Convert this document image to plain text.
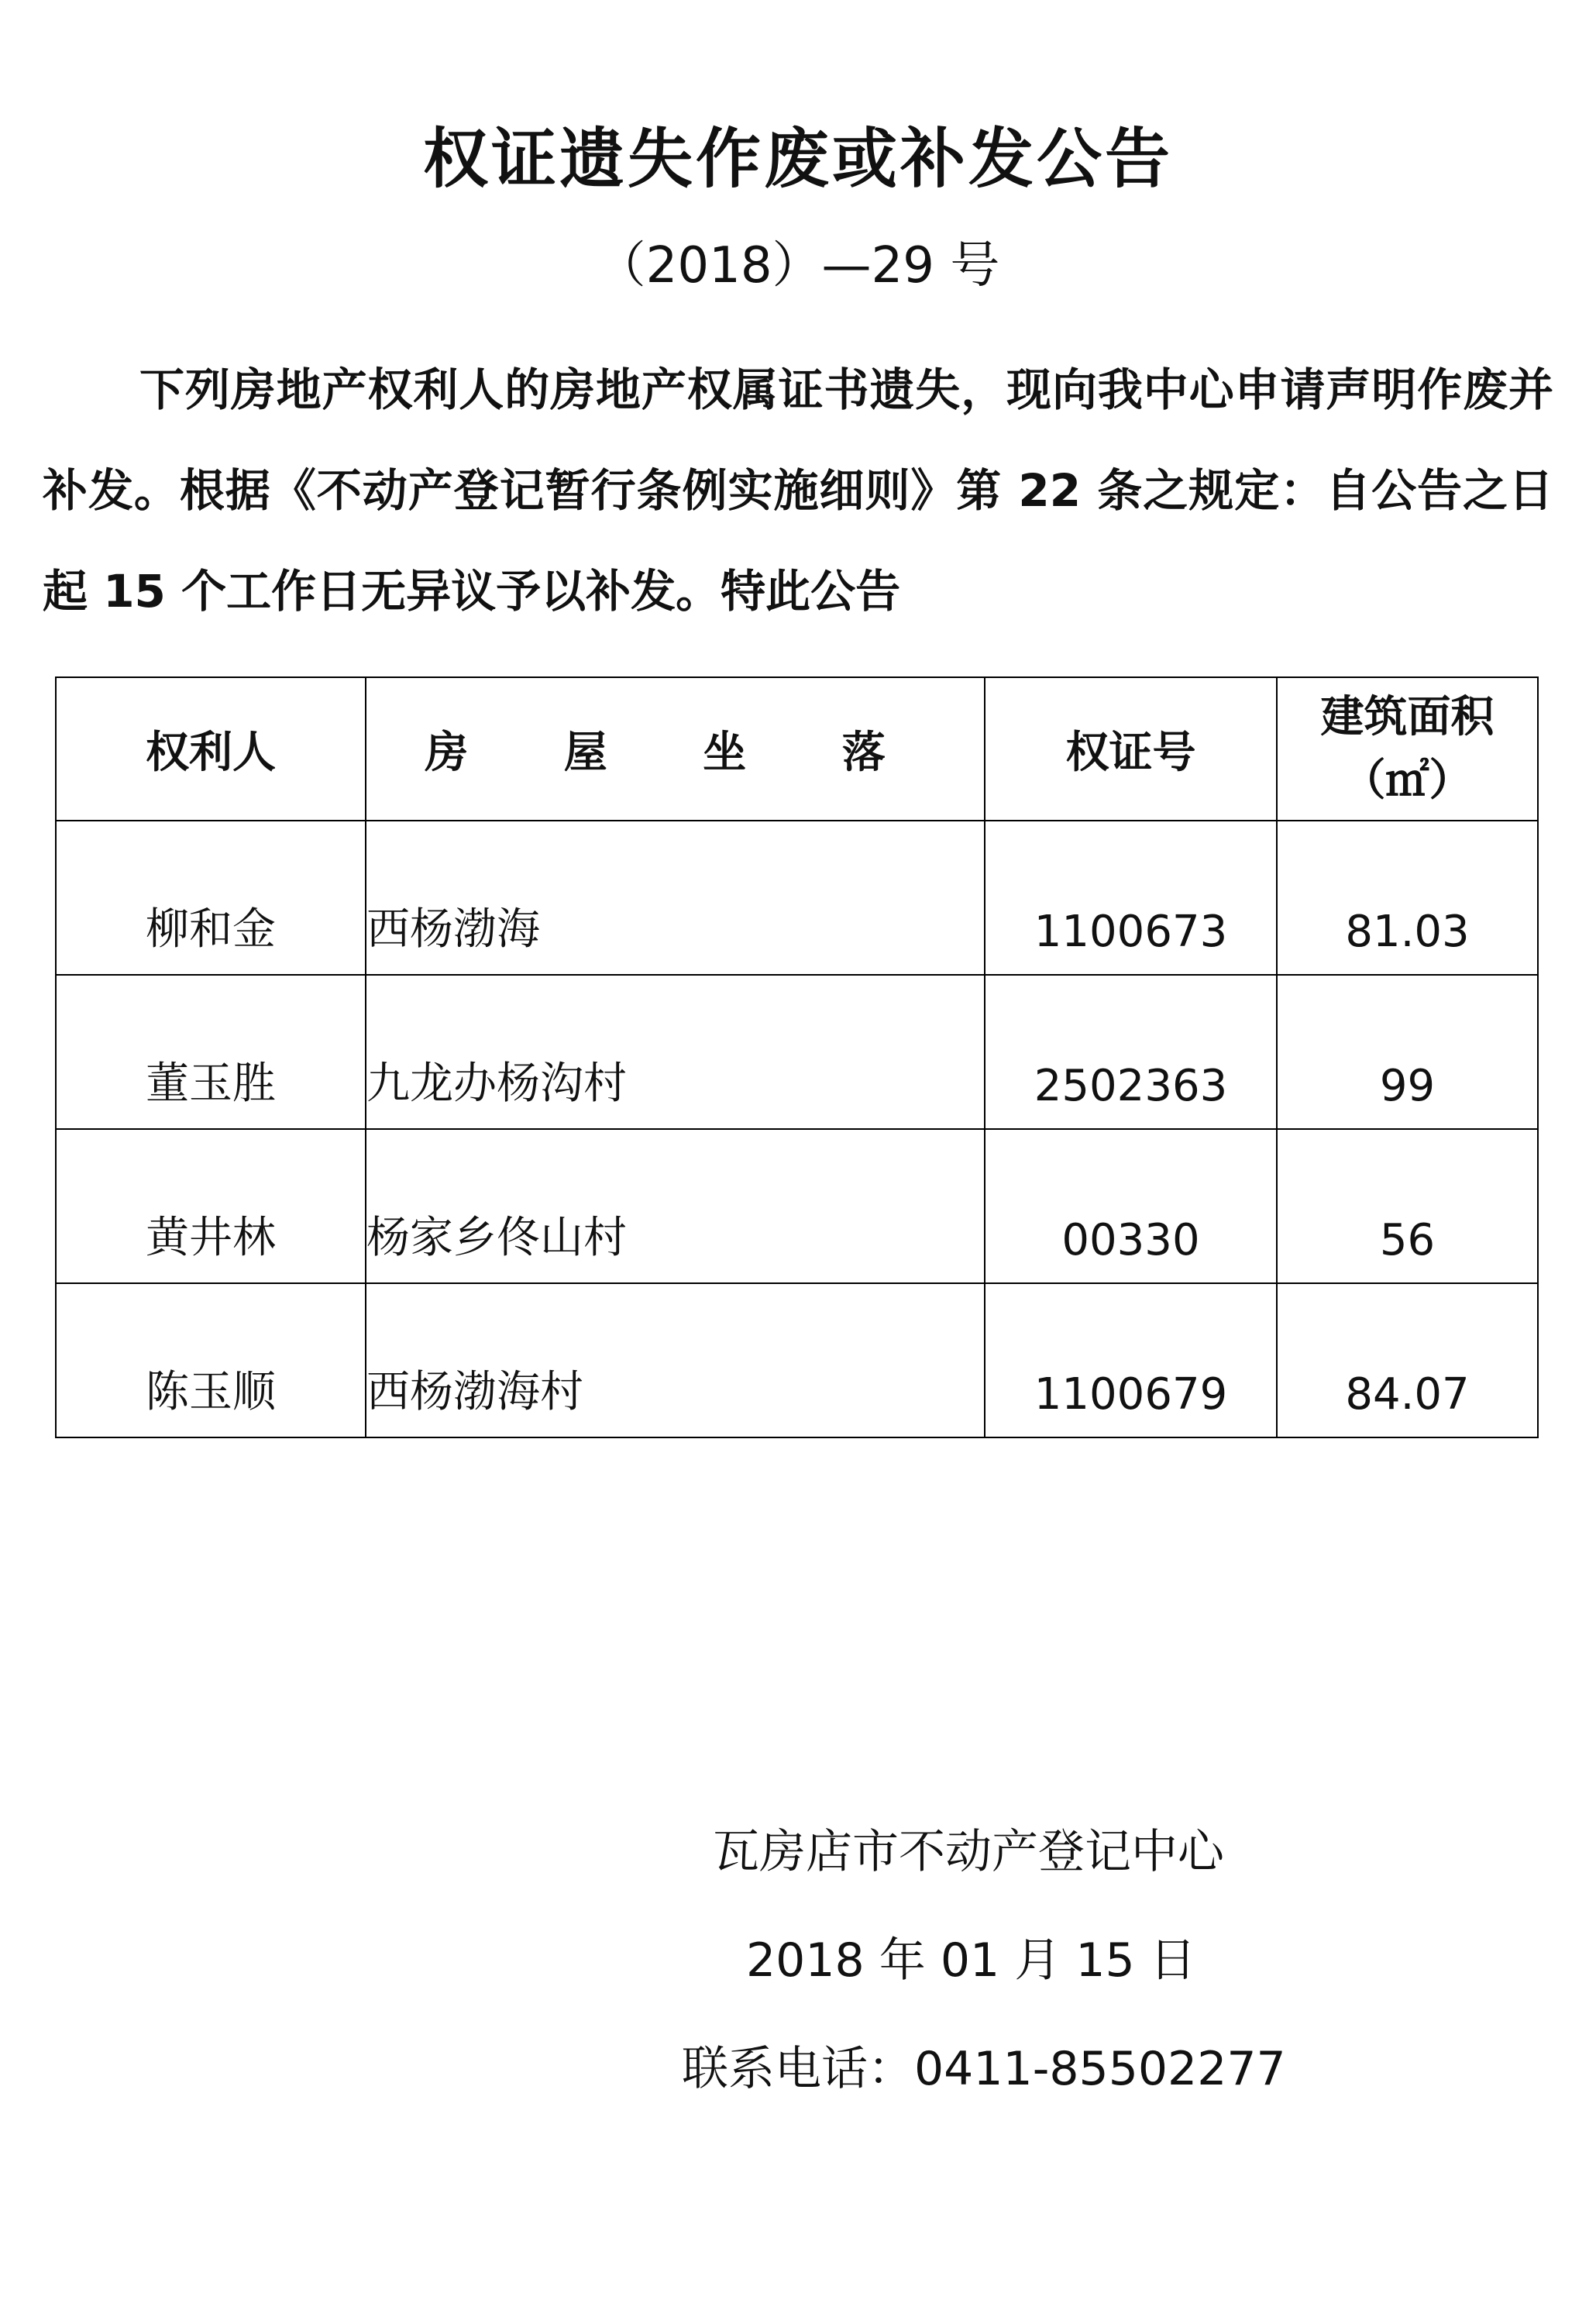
权证遗失作废或补发公告
（2018）—29 号

下列房地产权利人的房地产权属证书遗失，现向我中心申请声明作废并补发。根据《不动产登记暂行条例实施细则》第 22 条之规定：自公告之日起 15 个工作日无异议予以补发。特此公告

权利人	房 屋 坐 落	权证号	建筑面积
（㎡）

柳和金	西杨渤海	1100673	81.03
董玉胜	九龙办杨沟村	2502363	99
黄井林	杨家乡佟山村	00330	56
陈玉顺	西杨渤海村	1100679	84.07
瓦房店市不动产登记中心
2018 年 01 月 15 日
联系电话：0411-85502277
